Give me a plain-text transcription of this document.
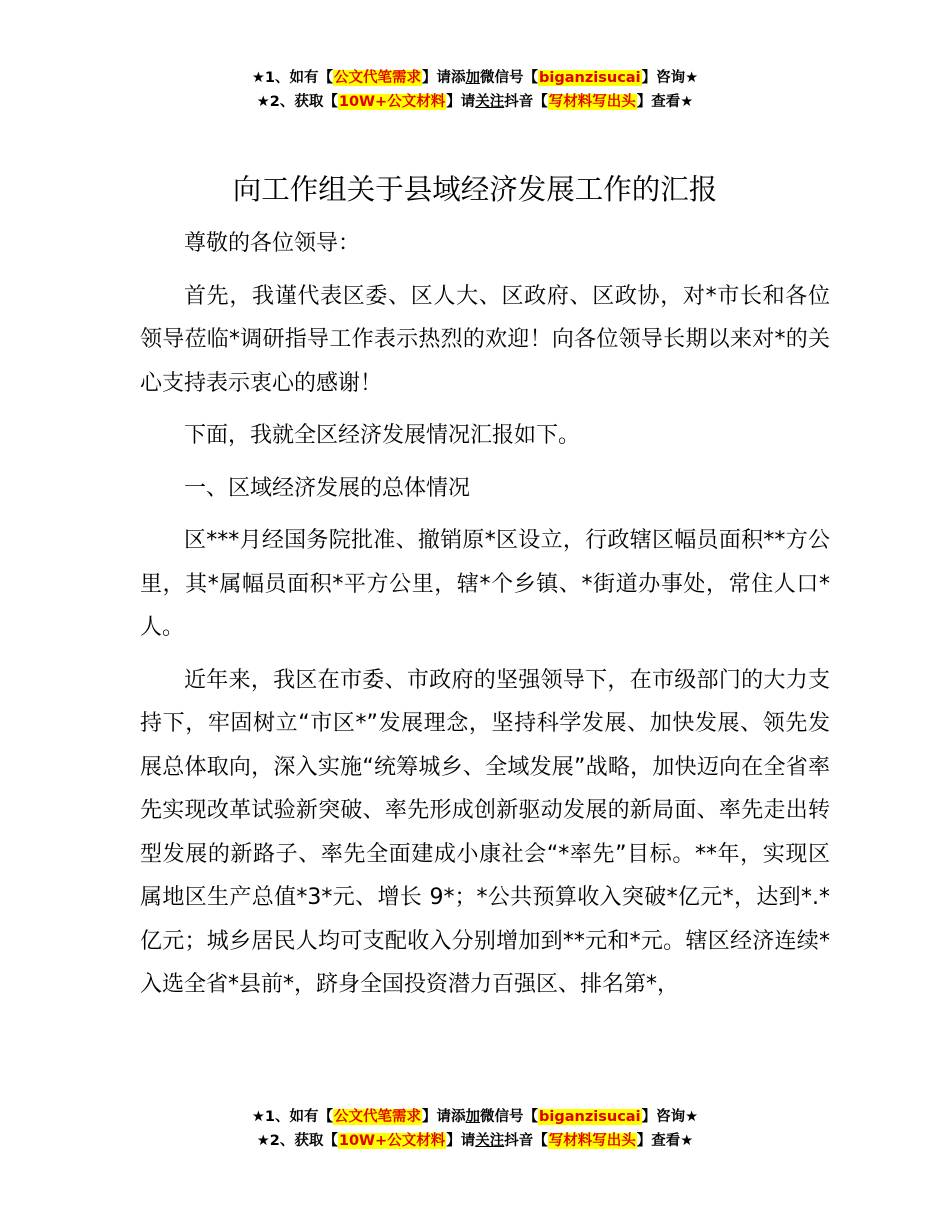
★1、如有【公文代笔需求】请添加微信号【biganzisucai】咨询★
★2、获取【10W+公文材料】请关注抖音【写材料写出头】查看★
向工作组关于县域经济发展工作的汇报

尊敬的各位领导：

首先，我谨代表区委、区人大、区政府、区政协，对*市长和各位领导莅临*调研指导工作表示热烈的欢迎！向各位领导长期以来对*的关心支持表示衷心的感谢！

下面，我就全区经济发展情况汇报如下。

一、区域经济发展的总体情况

区***月经国务院批准、撤销原*区设立，行政辖区幅员面积**方公里，其*属幅员面积*平方公里，辖*个乡镇、*街道办事处，常住人口*人。

近年来，我区在市委、市政府的坚强领导下，在市级部门的大力支持下，牢固树立“市区*”发展理念，坚持科学发展、加快发展、领先发展总体取向，深入实施“统筹城乡、全域发展”战略，加快迈向在全省率先实现改革试验新突破、率先形成创新驱动发展的新局面、率先走出转型发展的新路子、率先全面建成小康社会“*率先”目标。**年，实现区属地区生产总值*3*元、增长 9*；*公共预算收入突破*亿元*，达到*.*亿元；城乡居民人均可支配收入分别增加到**元和*元。辖区经济连续*入选全省*县前*，跻身全国投资潜力百强区、排名第*，

★1、如有【公文代笔需求】请添加微信号【biganzisucai】咨询★
★2、获取【10W+公文材料】请关注抖音【写材料写出头】查看★
